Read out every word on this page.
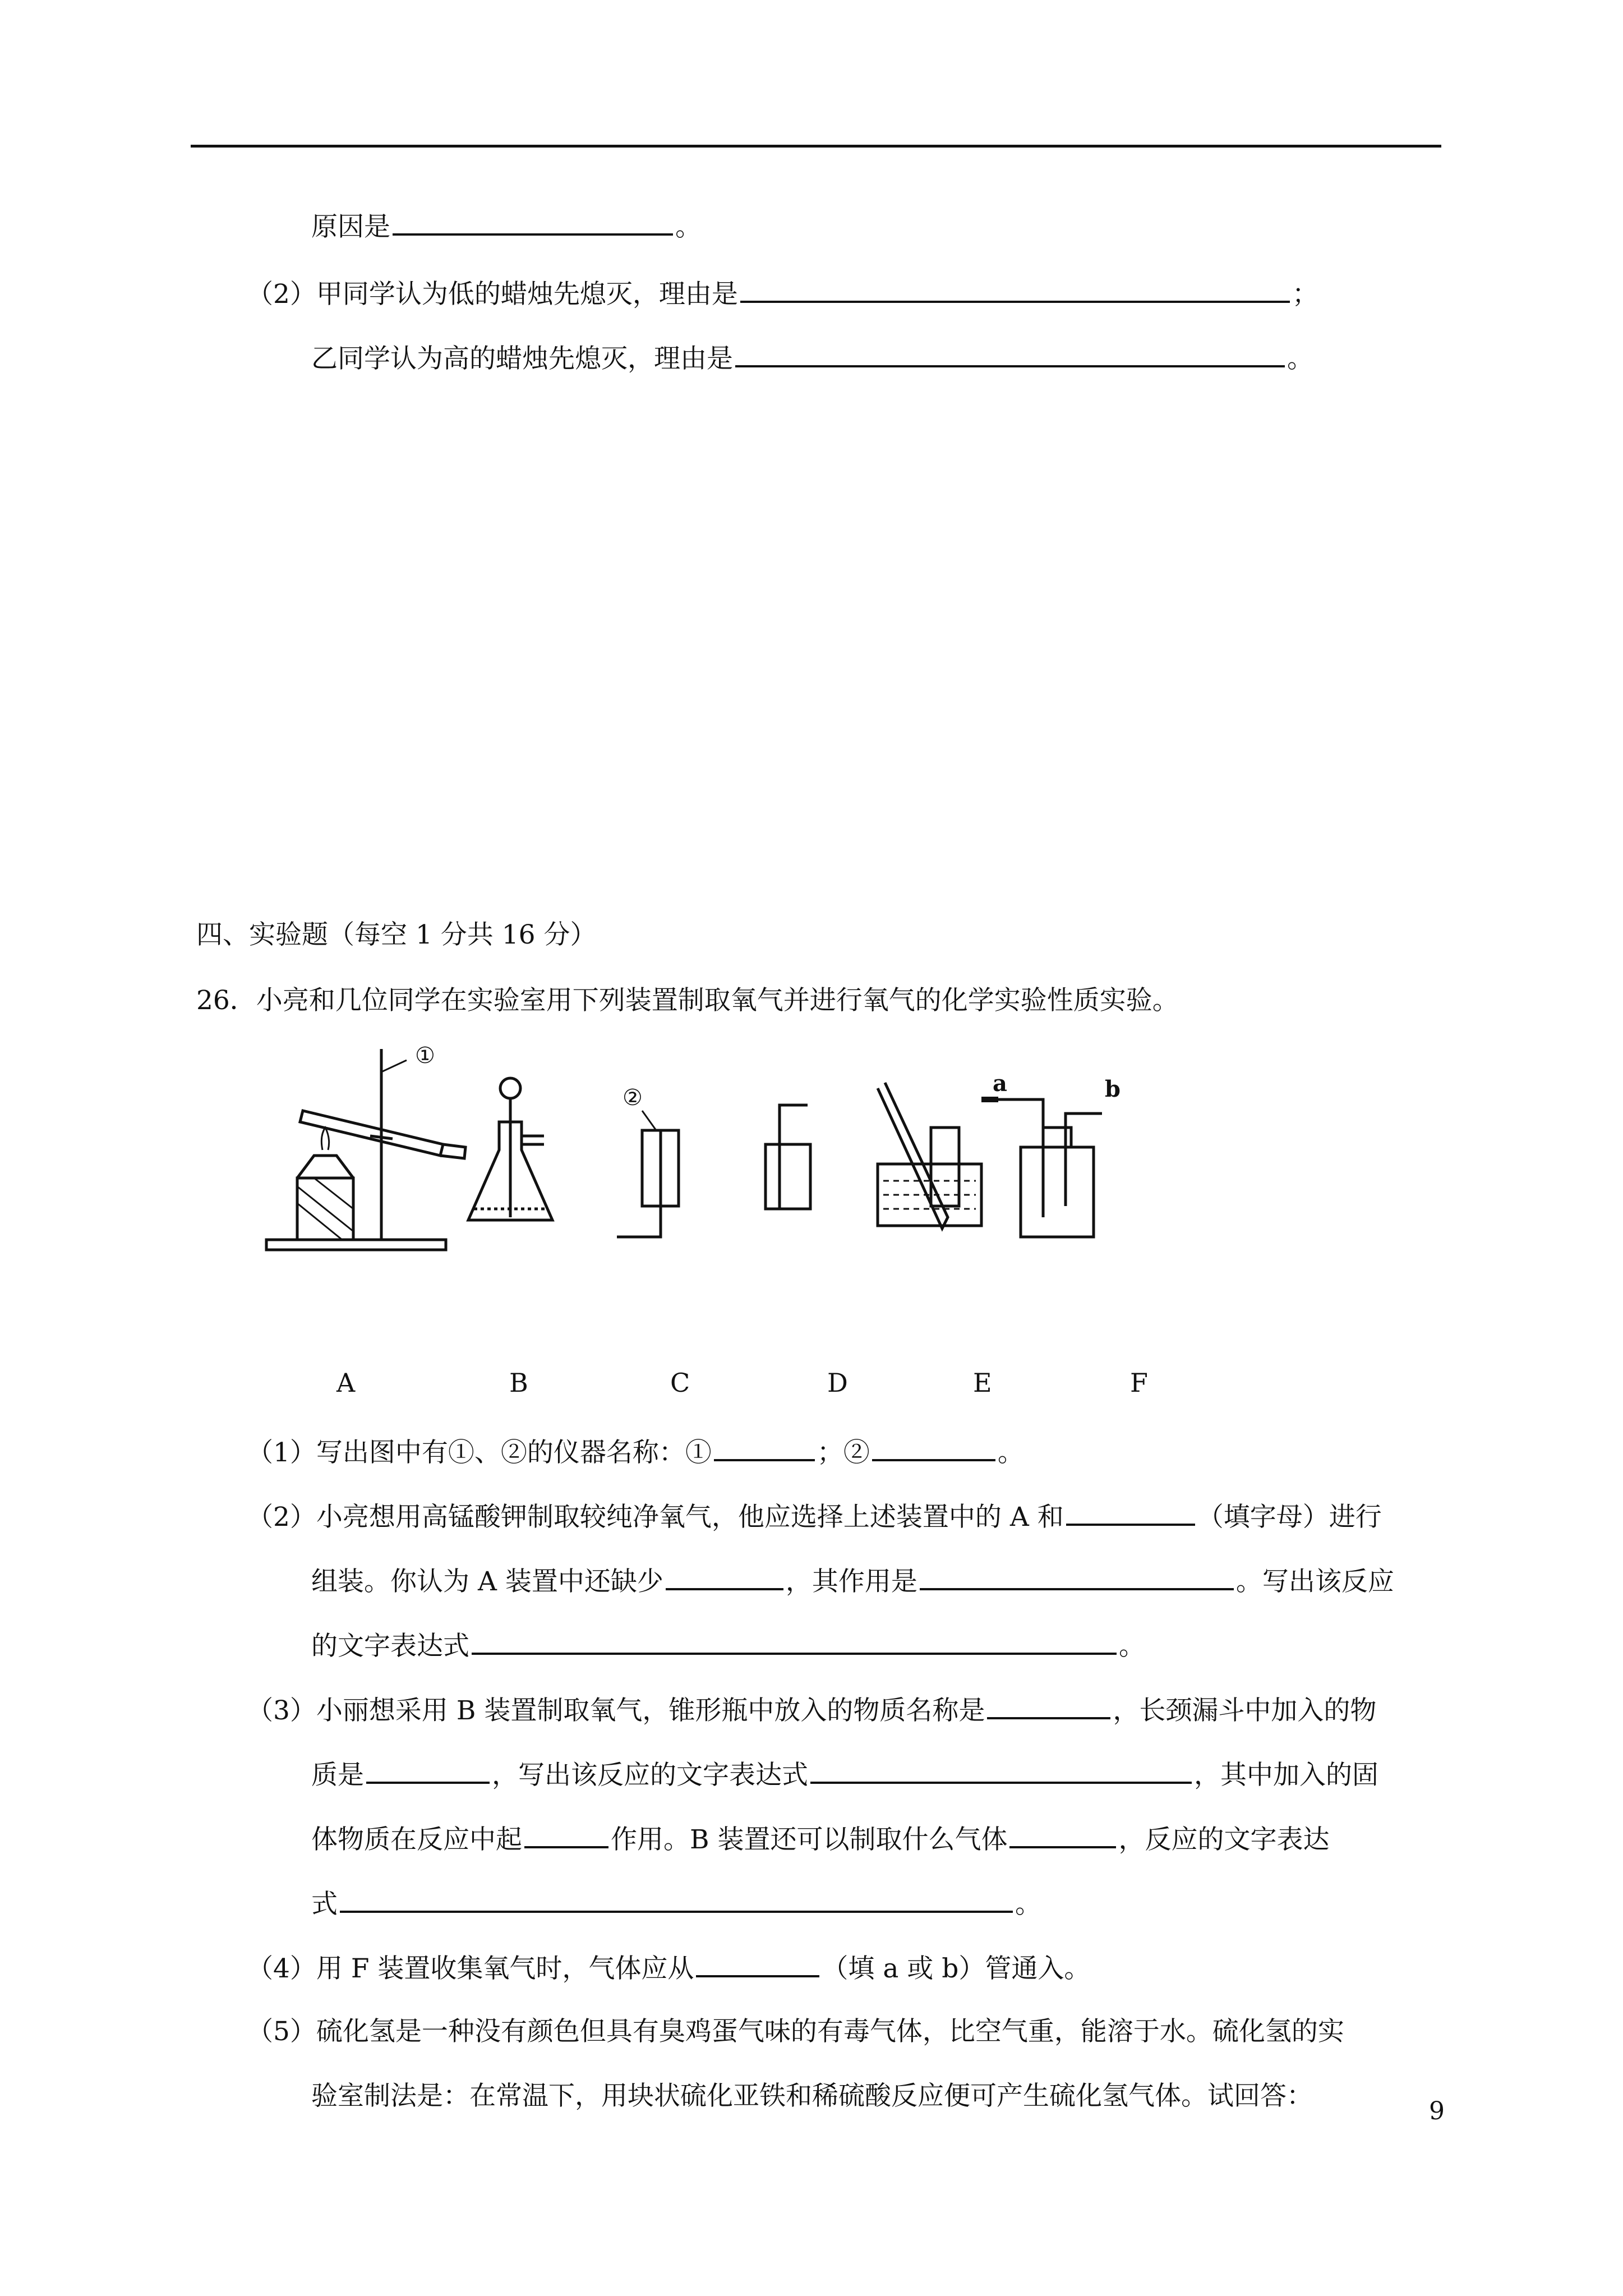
原因是	。
（2）甲同学认为低的蜡烛先熄灭，理由是	；
乙同学认为高的蜡烛先熄灭，理由是	。
四、实验题（每空 1 分共 16 分）
26．小亮和几位同学在实验室用下列装置制取氧气并进行氧气的化学实验性质实验。
①
②
a	b
A	B	C	D	E	F
（1）写出图中有①、②的仪器名称：①	；②	。
（2）小亮想用高锰酸钾制取较纯净氧气，他应选择上述装置中的 A 和	（填字母）进行
组装。你认为 A 装置中还缺少	，其作用是	。写出该反应
的文字表达式	。
（3）小丽想采用 B 装置制取氧气，锥形瓶中放入的物质名称是	，长颈漏斗中加入的物
质是	，写出该反应的文字表达式	，其中加入的固
体物质在反应中起	作用。B 装置还可以制取什么气体	，反应的文字表达
式	。
（4）用 F 装置收集氧气时，气体应从	（填 a 或 b）管通入。
（5）硫化氢是一种没有颜色但具有臭鸡蛋气味的有毒气体，比空气重，能溶于水。硫化氢的实
验室制法是：在常温下，用块状硫化亚铁和稀硫酸反应便可产生硫化氢气体。试回答：	9
